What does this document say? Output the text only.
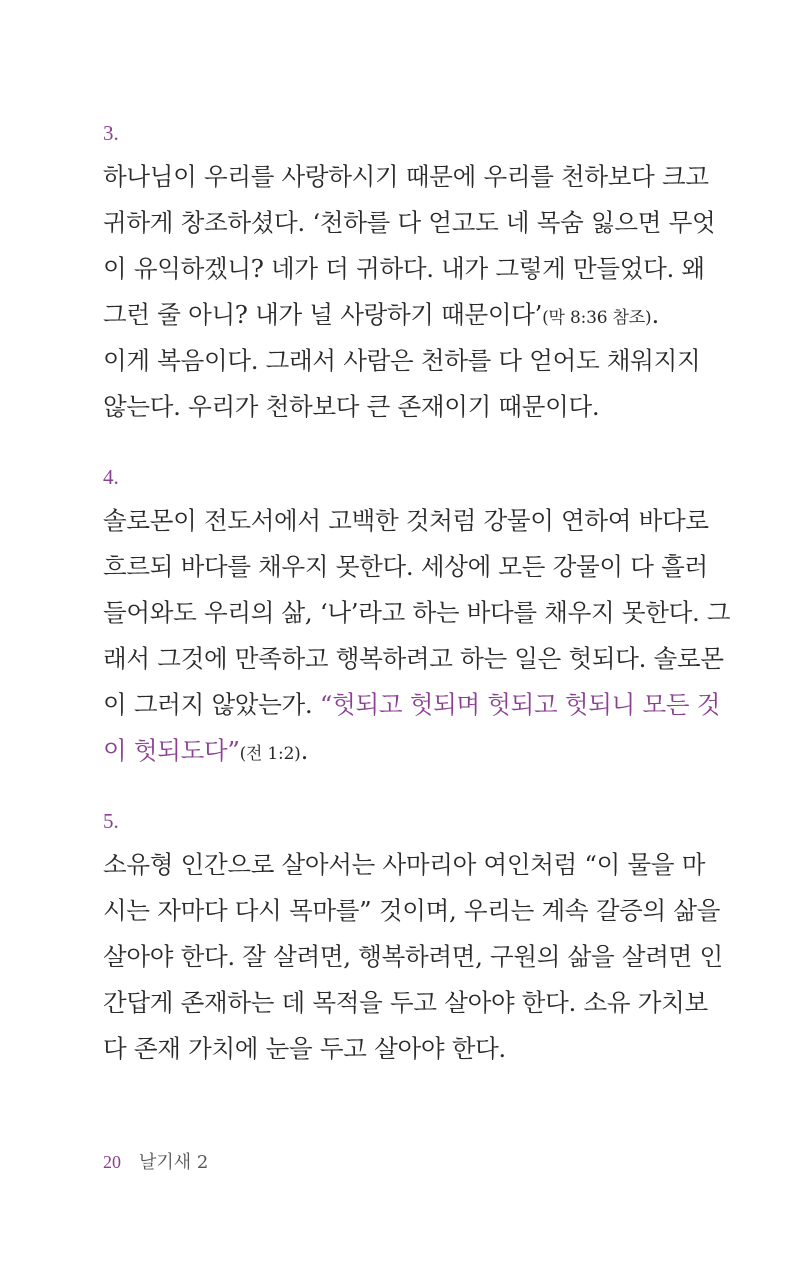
3.

하나님이 우리를 사랑하시기 때문에 우리를 천하보다 크고
귀하게 창조하셨다. ‘천하를 다 얻고도 네 목숨 잃으면 무엇
이 유익하겠니? 네가 더 귀하다. 내가 그렇게 만들었다. 왜
그런 줄 아니? 내가 널 사랑하기 때문이다’(막 8:36 참조).
이게 복음이다. 그래서 사람은 천하를 다 얻어도 채워지지
않는다. 우리가 천하보다 큰 존재이기 때문이다.

4.

솔로몬이 전도서에서 고백한 것처럼 강물이 연하여 바다로
흐르되 바다를 채우지 못한다. 세상에 모든 강물이 다 흘러
들어와도 우리의 삶, ‘나’라고 하는 바다를 채우지 못한다. 그
래서 그것에 만족하고 행복하려고 하는 일은 헛되다. 솔로몬
이 그러지 않았는가. “헛되고 헛되며 헛되고 헛되니 모든 것
이 헛되도다”(전 1:2).

5.

소유형 인간으로 살아서는 사마리아 여인처럼 “이 물을 마
시는 자마다 다시 목마를” 것이며, 우리는 계속 갈증의 삶을
살아야 한다. 잘 살려면, 행복하려면, 구원의 삶을 살려면 인
간답게 존재하는 데 목적을 두고 살아야 한다. 소유 가치보
다 존재 가치에 눈을 두고 살아야 한다.
20 날기새 2
